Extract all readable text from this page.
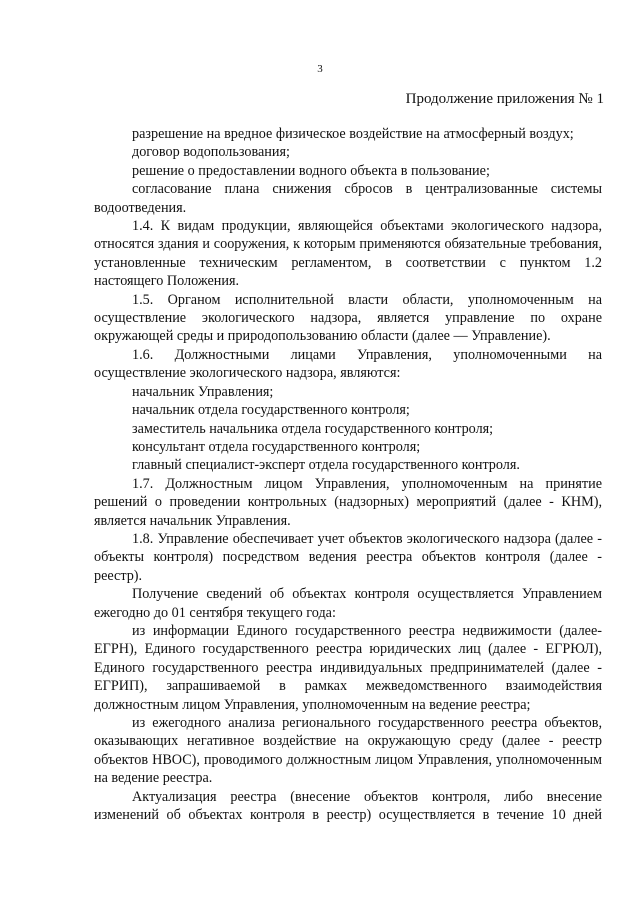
3
Продолжение приложения № 1

разрешение на вредное физическое воздействие на атмосферный воздух;

договор водопользования;

решение о предоставлении водного объекта в пользование;

согласование плана снижения сбросов в централизованные системы водоотведения.

1.4. К видам продукции, являющейся объектами экологического надзора, относятся здания и сооружения, к которым применяются обязательные требования, установленные техническим регламентом, в соответствии с пунктом 1.2 настоящего Положения.

1.5. Органом исполнительной власти области, уполномоченным на осуществление экологического надзора, является управление по охране окружающей среды и природопользованию области (далее — Управление).

1.6. Должностными лицами Управления, уполномоченными на осуществление экологического надзора, являются:

начальник Управления;

начальник отдела государственного контроля;

заместитель начальника отдела государственного контроля;

консультант отдела государственного контроля;

главный специалист-эксперт отдела государственного контроля.

1.7. Должностным лицом Управления, уполномоченным на принятие решений о проведении контрольных (надзорных) мероприятий (далее - КНМ), является начальник Управления.

1.8. Управление обеспечивает учет объектов экологического надзора (далее - объекты контроля) посредством ведения реестра объектов контроля (далее - реестр).

Получение сведений об объектах контроля осуществляется Управлением ежегодно до 01 сентября текущего года:

из информации Единого государственного реестра недвижимости (далее- ЕГРН), Единого государственного реестра юридических лиц (далее - ЕГРЮЛ), Единого государственного реестра индивидуальных предпринимателей (далее - ЕГРИП), запрашиваемой в рамках межведомственного взаимодействия должностным лицом Управления, уполномоченным на ведение реестра;

из ежегодного анализа регионального государственного реестра объектов, оказывающих негативное воздействие на окружающую среду (далее - реестр объектов НВОС), проводимого должностным лицом Управления, уполномоченным на ведение реестра.

Актуализация реестра (внесение объектов контроля, либо внесение изменений об объектах контроля в реестр) осуществляется в течение 10 дней
